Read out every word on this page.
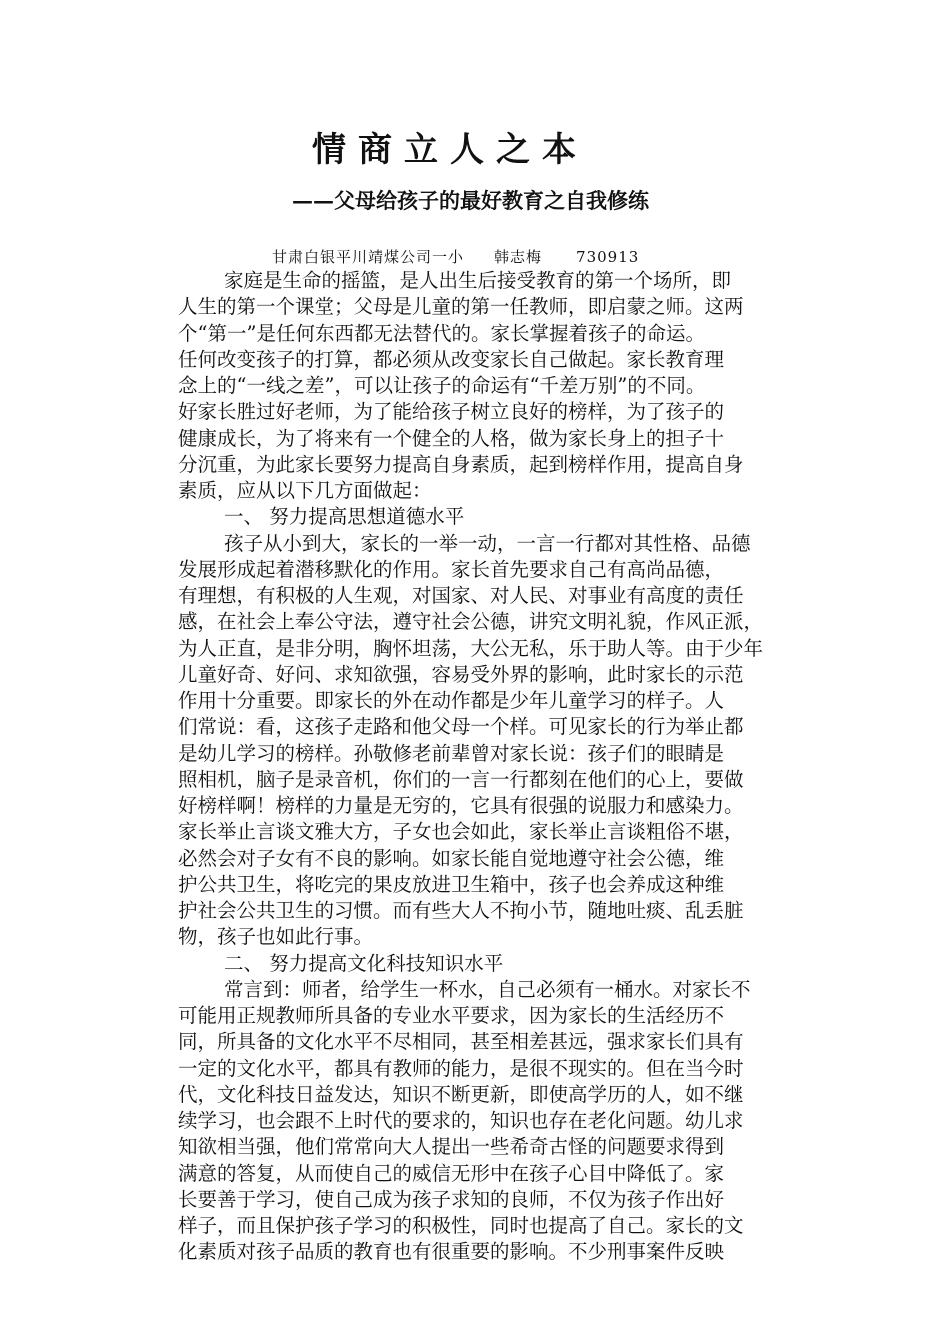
情商立人之本
——父母给孩子的最好教育之自我修练
甘肃白银平川靖煤公司一小 韩志梅 730913
家庭是生命的摇篮，是人出生后接受教育的第一个场所，即
人生的第一个课堂；父母是儿童的第一任教师，即启蒙之师。这两
个“第一”是任何东西都无法替代的。家长掌握着孩子的命运。
任何改变孩子的打算，都必须从改变家长自己做起。家长教育理
念上的“一线之差”，可以让孩子的命运有“千差万别”的不同。
好家长胜过好老师，为了能给孩子树立良好的榜样，为了孩子的
健康成长，为了将来有一个健全的人格，做为家长身上的担子十
分沉重，为此家长要努力提高自身素质，起到榜样作用，提高自身
素质，应从以下几方面做起：
一、 努力提高思想道德水平
孩子从小到大，家长的一举一动，一言一行都对其性格、品德
发展形成起着潜移默化的作用。家长首先要求自己有高尚品德，
有理想，有积极的人生观，对国家、对人民、对事业有高度的责任
感，在社会上奉公守法，遵守社会公德，讲究文明礼貌，作风正派，
为人正直，是非分明，胸怀坦荡，大公无私，乐于助人等。由于少年
儿童好奇、好问、求知欲强，容易受外界的影响，此时家长的示范
作用十分重要。即家长的外在动作都是少年儿童学习的样子。人
们常说：看，这孩子走路和他父母一个样。可见家长的行为举止都
是幼儿学习的榜样。孙敬修老前辈曾对家长说：孩子们的眼睛是
照相机，脑子是录音机，你们的一言一行都刻在他们的心上，要做
好榜样啊！榜样的力量是无穷的，它具有很强的说服力和感染力。
家长举止言谈文雅大方，子女也会如此，家长举止言谈粗俗不堪，
必然会对子女有不良的影响。如家长能自觉地遵守社会公德，维
护公共卫生，将吃完的果皮放进卫生箱中，孩子也会养成这种维
护社会公共卫生的习惯。而有些大人不拘小节，随地吐痰、乱丢脏
物，孩子也如此行事。
二、 努力提高文化科技知识水平
常言到：师者，给学生一杯水，自己必须有一桶水。对家长不
可能用正规教师所具备的专业水平要求，因为家长的生活经历不
同，所具备的文化水平不尽相同，甚至相差甚远，强求家长们具有
一定的文化水平，都具有教师的能力，是很不现实的。但在当今时
代，文化科技日益发达，知识不断更新，即使高学历的人，如不继
续学习，也会跟不上时代的要求的，知识也存在老化问题。幼儿求
知欲相当强，他们常常向大人提出一些希奇古怪的问题要求得到
满意的答复，从而使自己的威信无形中在孩子心目中降低了。家
长要善于学习，使自己成为孩子求知的良师，不仅为孩子作出好
样子，而且保护孩子学习的积极性，同时也提高了自己。家长的文
化素质对孩子品质的教育也有很重要的影响。不少刑事案件反映
